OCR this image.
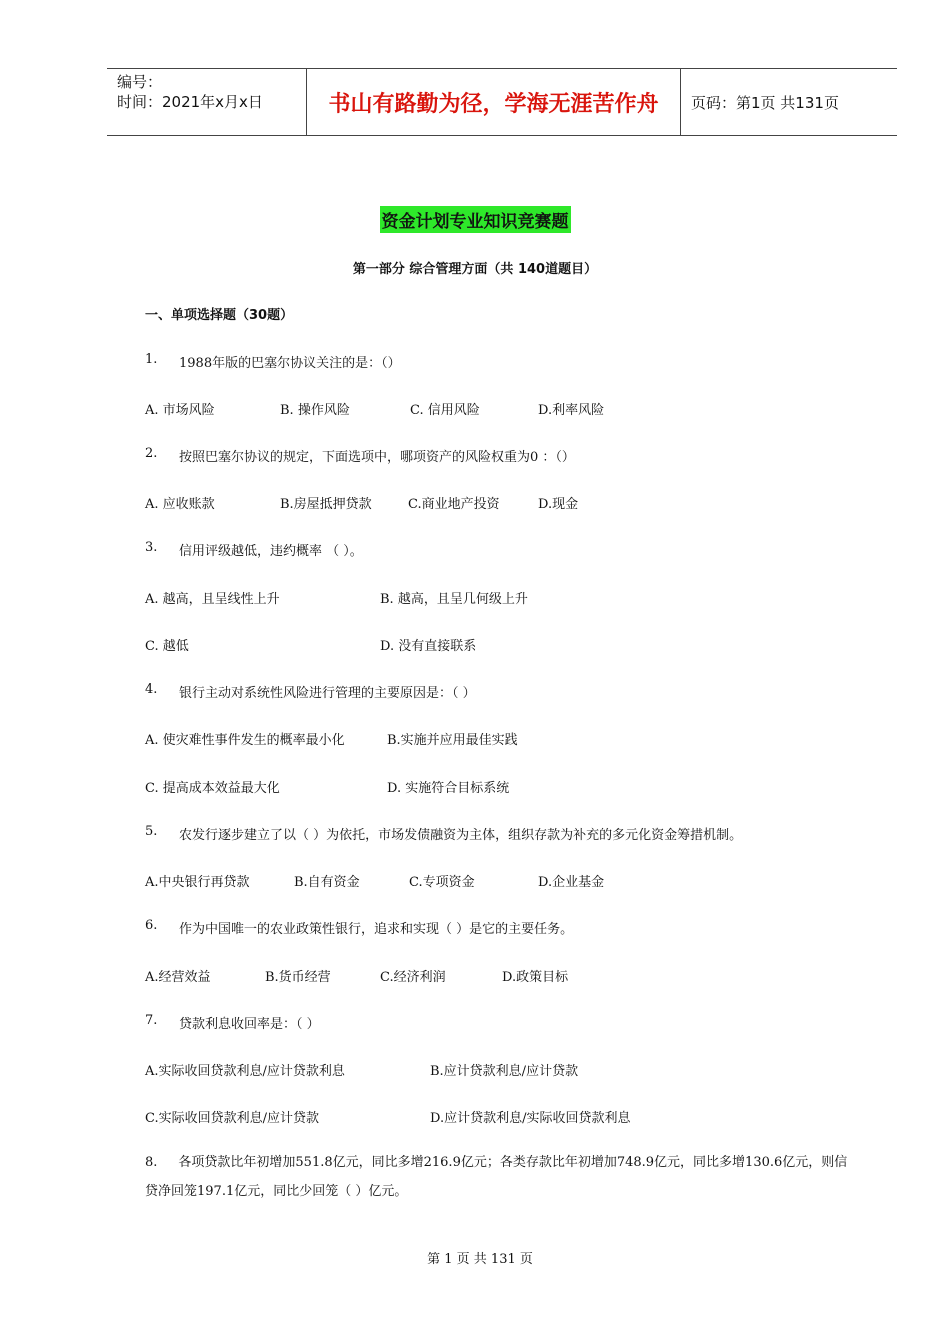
编号：
时间：2021年x月x日	书山有路勤为径，学海无涯苦作舟	页码：第1页 共131页
资金计划专业知识竞赛题
第一部分 综合管理方面（共 140道题目）
一、单项选择题（30题）
1. 1988年版的巴塞尔协议关注的是：（）
A. 市场风险	B. 操作风险	C. 信用风险	D.利率风险
2. 按照巴塞尔协议的规定，下面选项中，哪项资产的风险权重为0 ：（）
A. 应收账款	B.房屋抵押贷款	C.商业地产投资	D.现金
3. 信用评级越低，违约概率 （ ）。
A. 越高，且呈线性上升	B. 越高，且呈几何级上升
C. 越低	D. 没有直接联系
4. 银行主动对系统性风险进行管理的主要原因是：（ ）
A. 使灾难性事件发生的概率最小化	B.实施并应用最佳实践
C. 提高成本效益最大化	D. 实施符合目标系统
5. 农发行逐步建立了以（ ）为依托，市场发债融资为主体，组织存款为补充的多元化资金筹措机制。
A.中央银行再贷款	B.自有资金	C.专项资金	D.企业基金
6. 作为中国唯一的农业政策性银行，追求和实现（ ）是它的主要任务。
A.经营效益	B.货币经营	C.经济利润	D.政策目标
7. 贷款利息收回率是：（ ）
A.实际收回贷款利息/应计贷款利息	B.应计贷款利息/应计贷款
C.实际收回贷款利息/应计贷款	D.应计贷款利息/实际收回贷款利息
8. 各项贷款比年初增加551.8亿元，同比多增216.9亿元；各类存款比年初增加748.9亿元，同比多增130.6亿元，则信贷净回笼197.1亿元，同比少回笼（ ）亿元。
第 1 页 共 131 页
